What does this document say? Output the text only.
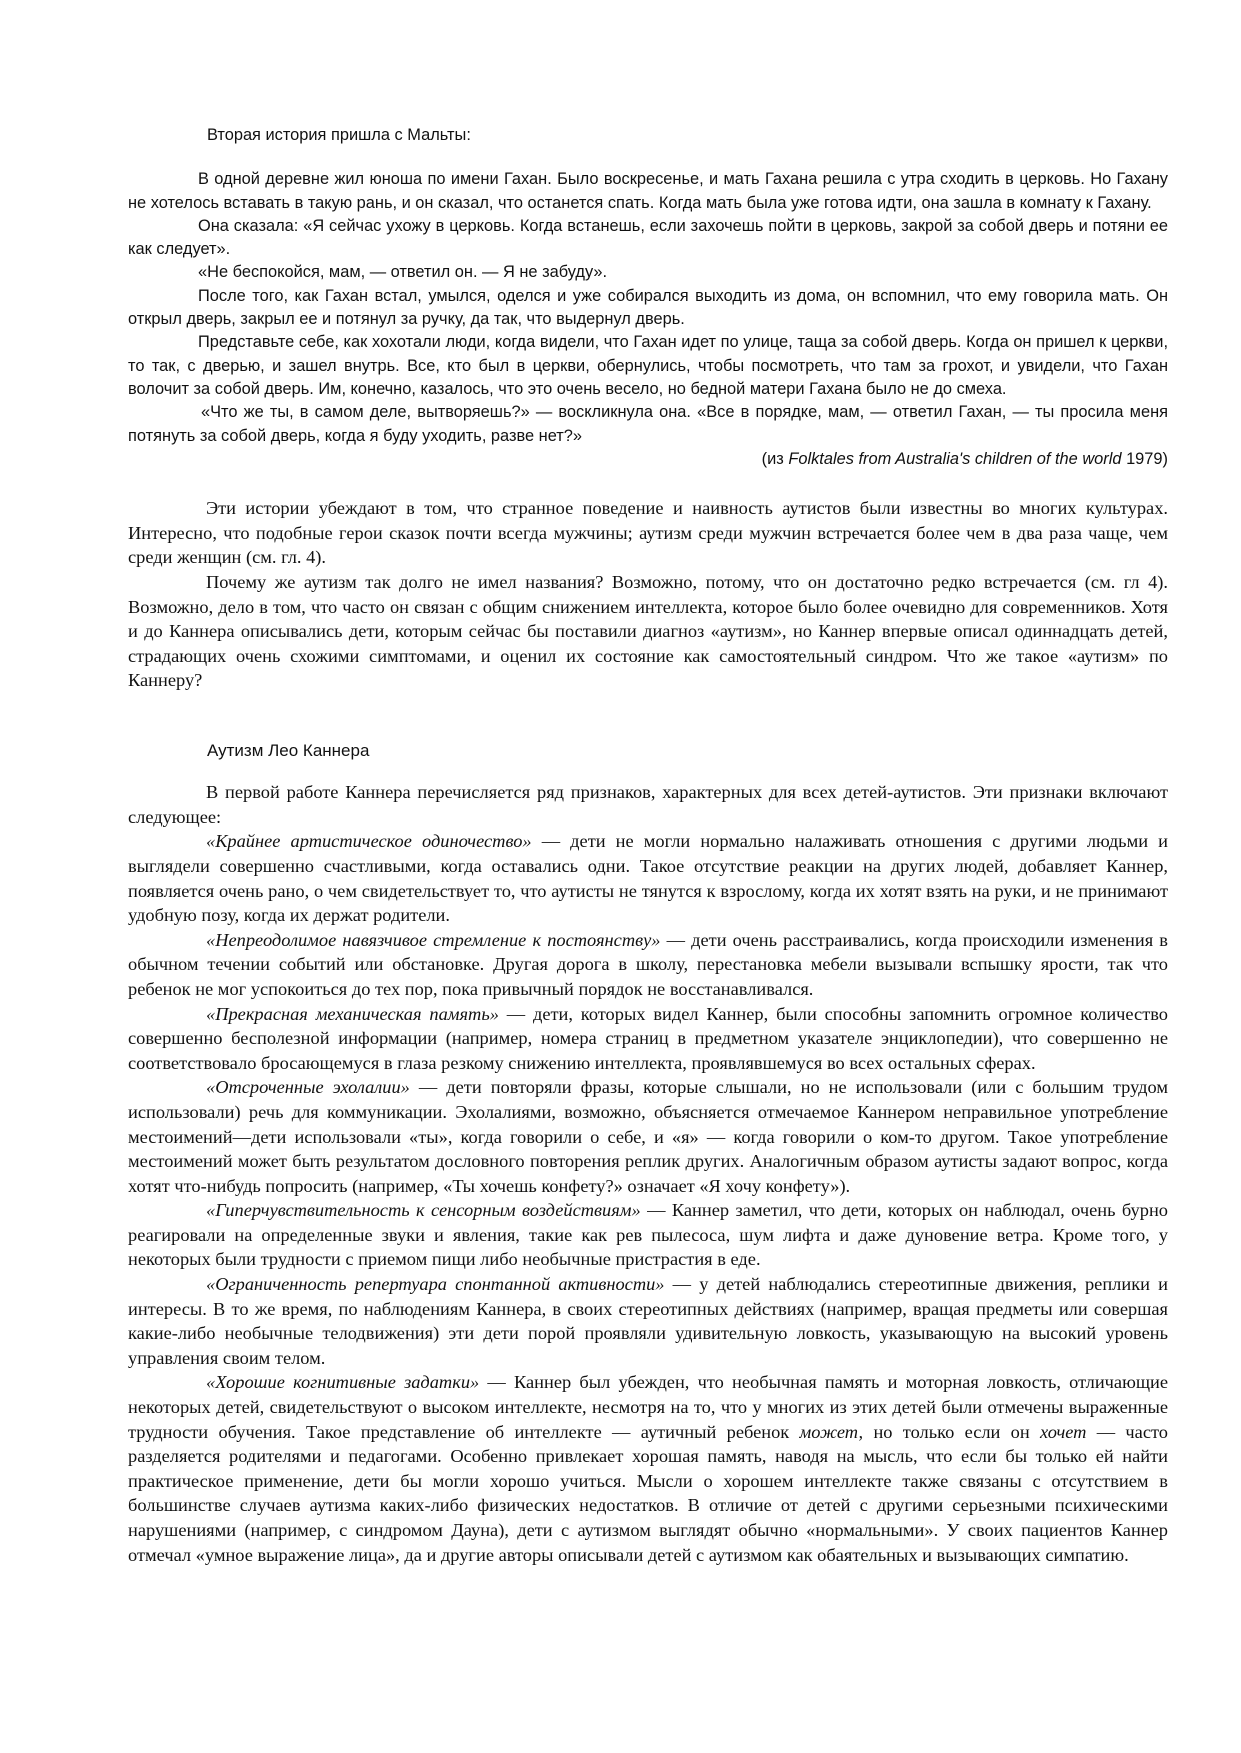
Вторая история пришла с Мальты:

В одной деревне жил юноша по имени Гахан. Было воскресенье, и мать Гахана решила с утра сходить в церковь. Но Гахану не хотелось вставать в такую рань, и он сказал, что останется спать. Когда мать была уже готова идти, она зашла в комнату к Гахану.

Она сказала: «Я сейчас ухожу в церковь. Когда встанешь, если захочешь пойти в церковь, закрой за собой дверь и потяни ее как следует».

«Не беспокойся, мам, — ответил он. — Я не забуду».

После того, как Гахан встал, умылся, оделся и уже собирался выходить из дома, он вспомнил, что ему говорила мать. Он открыл дверь, закрыл ее и потянул за ручку, да так, что выдернул дверь.

Представьте себе, как хохотали люди, когда видели, что Гахан идет по улице, таща за собой дверь. Когда он пришел к церкви, то так, с дверью, и зашел внутрь. Все, кто был в церкви, обернулись, чтобы посмотреть, что там за грохот, и увидели, что Гахан волочит за собой дверь. Им, конечно, казалось, что это очень весело, но бедной матери Гахана было не до смеха.

«Что же ты, в самом деле, вытворяешь?» — воскликнула она. «Все в порядке, мам, — ответил Гахан, — ты просила меня потянуть за собой дверь, когда я буду уходить, разве нет?»

(из Folktales from Australia's children of the world 1979)

Эти истории убеждают в том, что странное поведение и наивность аутистов были известны во многих культурах. Интересно, что подобные герои сказок почти всегда мужчины; аутизм среди мужчин встречается более чем в два раза чаще, чем среди женщин (см. гл. 4).

Почему же аутизм так долго не имел названия? Возможно, потому, что он достаточно редко встречается (см. гл 4). Возможно, дело в том, что часто он связан с общим снижением интеллекта, которое было более очевидно для современников. Хотя и до Каннера описывались дети, которым сейчас бы поставили диагноз «аутизм», но Каннер впервые описал одиннадцать детей, страдающих очень схожими симптомами, и оценил их состояние как самостоятельный синдром. Что же такое «аутизм» по Каннеру?

Аутизм Лео Каннера

В первой работе Каннера перечисляется ряд признаков, характерных для всех детей-аутистов. Эти признаки включают следующее:

«Крайнее артистическое одиночество» — дети не могли нормально налаживать отношения с другими людьми и выглядели совершенно счастливыми, когда оставались одни. Такое отсутствие реакции на других людей, добавляет Каннер, появляется очень рано, о чем свидетельствует то, что аутисты не тянутся к взрослому, когда их хотят взять на руки, и не принимают удобную позу, когда их держат родители.

«Непреодолимое навязчивое стремление к постоянству» — дети очень расстраивались, когда происходили изменения в обычном течении событий или обстановке. Другая дорога в школу, перестановка мебели вызывали вспышку ярости, так что ребенок не мог успокоиться до тех пор, пока привычный порядок не восстанавливался.

«Прекрасная механическая память» — дети, которых видел Каннер, были способны запомнить огромное количество совершенно бесполезной информации (например, номера страниц в предметном указателе энциклопедии), что совершенно не соответствовало бросающемуся в глаза резкому снижению интеллекта, проявлявшемуся во всех остальных сферах.

«Отсроченные эхолалии» — дети повторяли фразы, которые слышали, но не использовали (или с большим трудом использовали) речь для коммуникации. Эхолалиями, возможно, объясняется отмечаемое Каннером неправильное употребление местоимений—дети использовали «ты», когда говорили о себе, и «я» — когда говорили о ком-то другом. Такое употребление местоимений может быть результатом дословного повторения реплик других. Аналогичным образом аутисты задают вопрос, когда хотят что-нибудь попросить (например, «Ты хочешь конфету?» означает «Я хочу конфету»).

«Гиперчувствительность к сенсорным воздействиям» — Каннер заметил, что дети, которых он наблюдал, очень бурно реагировали на определенные звуки и явления, такие как рев пылесоса, шум лифта и даже дуновение ветра. Кроме того, у некоторых были трудности с приемом пищи либо необычные пристрастия в еде.

«Ограниченность репертуара спонтанной активности» — у детей наблюдались стереотипные движения, реплики и интересы. В то же время, по наблюдениям Каннера, в своих стереотипных действиях (например, вращая предметы или совершая какие-либо необычные телодвижения) эти дети порой проявляли удивительную ловкость, указывающую на высокий уровень управления своим телом.

«Хорошие когнитивные задатки» — Каннер был убежден, что необычная память и моторная ловкость, отличающие некоторых детей, свидетельствуют о высоком интеллекте, несмотря на то, что у многих из этих детей были отмечены выраженные трудности обучения. Такое представление об интеллекте — аутичный ребенок может, но только если он хочет — часто разделяется родителями и педагогами. Особенно привлекает хорошая память, наводя на мысль, что если бы только ей найти практическое применение, дети бы могли хорошо учиться. Мысли о хорошем интеллекте также связаны с отсутствием в большинстве случаев аутизма каких-либо физических недостатков. В отличие от детей с другими серьезными психическими нарушениями (например, с синдромом Дауна), дети с аутизмом выглядят обычно «нормальными». У своих пациентов Каннер отмечал «умное выражение лица», да и другие авторы описывали детей с аутизмом как обаятельных и вызывающих симпатию.
